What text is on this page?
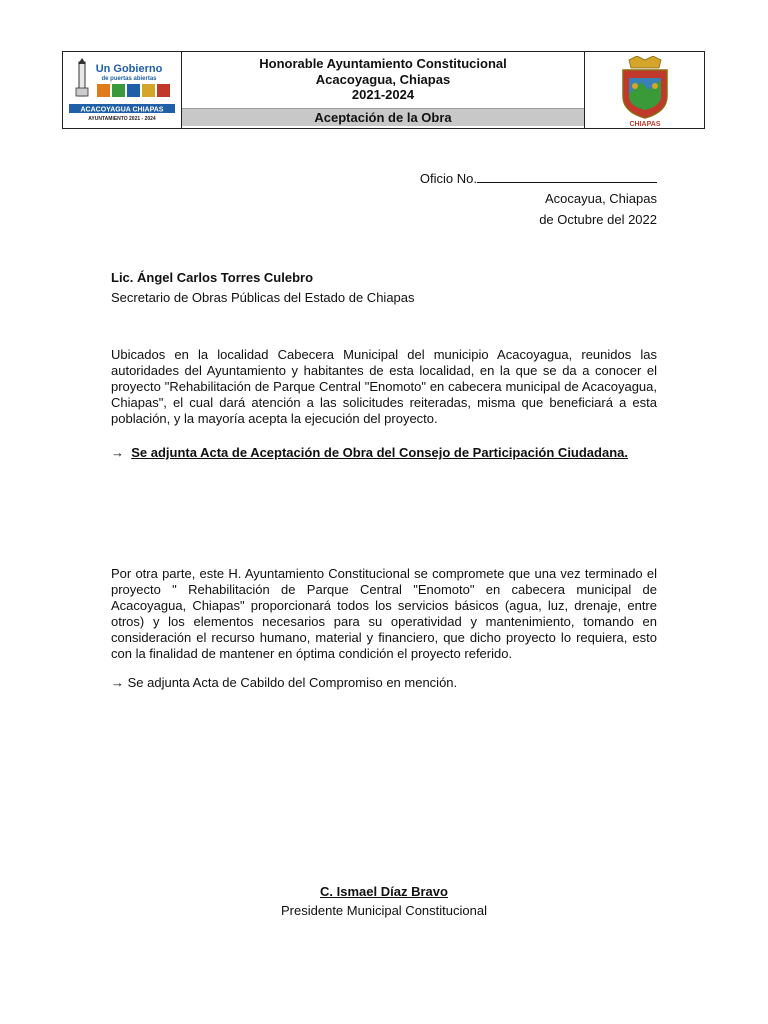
Un Gobierno
de puertas abiertas
ACACOYAGUA CHIAPAS
AYUNTAMIENTO 2021 - 2024
Honorable Ayuntamiento Constitucional
Acacoyagua, Chiapas
2021-2024
Aceptación de la Obra	CHIAPAS
Oficio No.
Acocayua, Chiapas
de Octubre del 2022
Lic. Ángel Carlos Torres Culebro
Secretario de Obras Públicas del Estado de Chiapas
Ubicados en la localidad Cabecera Municipal del municipio Acacoyagua, reunidos las autoridades del Ayuntamiento y habitantes de esta localidad, en la que se da a conocer el proyecto "Rehabilitación de Parque Central "Enomoto" en cabecera municipal de Acacoyagua, Chiapas", el cual dará atención a las solicitudes reiteradas, misma que beneficiará a esta población, y la mayoría acepta la ejecución del proyecto.
→ Se adjunta Acta de Aceptación de Obra del Consejo de Participación Ciudadana.
Por otra parte, este H. Ayuntamiento Constitucional se compromete que una vez terminado el proyecto " Rehabilitación de Parque Central "Enomoto" en cabecera municipal de Acacoyagua, Chiapas" proporcionará todos los servicios básicos (agua, luz, drenaje, entre otros) y los elementos necesarios para su operatividad y mantenimiento, tomando en consideración el recurso humano, material y financiero, que dicho proyecto lo requiera, esto con la finalidad de mantener en óptima condición el proyecto referido.
→ Se adjunta Acta de Cabildo del Compromiso en mención.
C. Ismael Díaz Bravo
Presidente Municipal Constitucional
